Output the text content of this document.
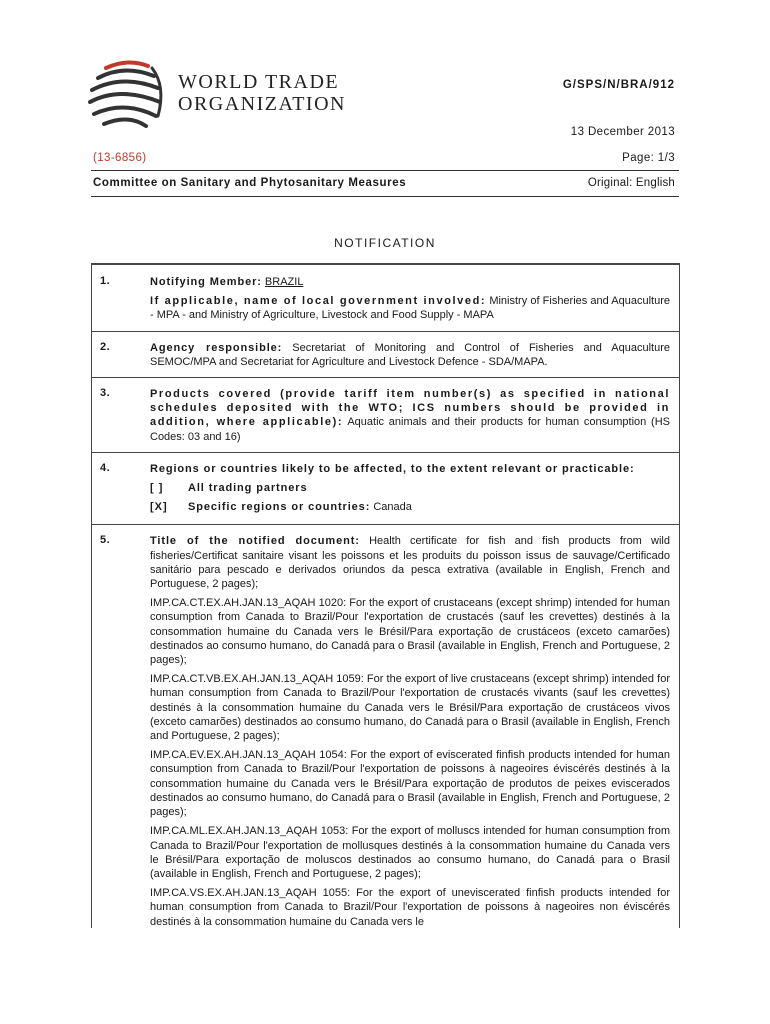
WORLD TRADE
ORGANIZATION
G/SPS/N/BRA/912
13 December 2013
(13-6856)	Page: 1/3
Committee on Sanitary and Phytosanitary Measures	Original: English
NOTIFICATION
1.	Notifying Member: BRAZIL

If applicable, name of local government involved: Ministry of Fisheries and Aquaculture - MPA - and Ministry of Agriculture, Livestock and Food Supply - MAPA

2.	Agency responsible: Secretariat of Monitoring and Control of Fisheries and Aquaculture SEMOC/MPA and Secretariat for Agriculture and Livestock Defence - SDA/MAPA.

3.	Products covered (provide tariff item number(s) as specified in national schedules deposited with the WTO; ICS numbers should be provided in addition, where applicable): Aquatic animals and their products for human consumption (HS Codes: 03 and 16)

4.	Regions or countries likely to be affected, to the extent relevant or practicable:

[ ]	All trading partners
[X]	Specific regions or countries: Canada
5.	Title of the notified document: Health certificate for fish and fish products from wild fisheries/Certificat sanitaire visant les poissons et les produits du poisson issus de sauvage/Certificado sanitário para pescado e derivados oriundos da pesca extrativa (available in English, French and Portuguese, 2 pages);

IMP.CA.CT.EX.AH.JAN.13_AQAH 1020: For the export of crustaceans (except shrimp) intended for human consumption from Canada to Brazil/Pour l'exportation de crustacés (sauf les crevettes) destinés à la consommation humaine du Canada vers le Brésil/Para exportação de crustáceos (exceto camarões) destinados ao consumo humano, do Canadá para o Brasil (available in English, French and Portuguese, 2 pages);

IMP.CA.CT.VB.EX.AH.JAN.13_AQAH 1059: For the export of live crustaceans (except shrimp) intended for human consumption from Canada to Brazil/Pour l'exportation de crustacés vivants (sauf les crevettes) destinés à la consommation humaine du Canada vers le Brésil/Para exportação de crustáceos vivos (exceto camarões) destinados ao consumo humano, do Canadá para o Brasil (available in English, French and Portuguese, 2 pages);

IMP.CA.EV.EX.AH.JAN.13_AQAH 1054: For the export of eviscerated finfish products intended for human consumption from Canada to Brazil/Pour l'exportation de poissons à nageoires éviscérés destinés à la consommation humaine du Canada vers le Brésil/Para exportação de produtos de peixes eviscerados destinados ao consumo humano, do Canadá para o Brasil (available in English, French and Portuguese, 2 pages);

IMP.CA.ML.EX.AH.JAN.13_AQAH 1053: For the export of molluscs intended for human consumption from Canada to Brazil/Pour l'exportation de mollusques destinés à la consommation humaine du Canada vers le Brésil/Para exportação de moluscos destinados ao consumo humano, do Canadá para o Brasil (available in English, French and Portuguese, 2 pages);

IMP.CA.VS.EX.AH.JAN.13_AQAH 1055: For the export of uneviscerated finfish products intended for human consumption from Canada to Brazil/Pour l'exportation de poissons à nageoires non éviscérés destinés à la consommation humaine du Canada vers le
